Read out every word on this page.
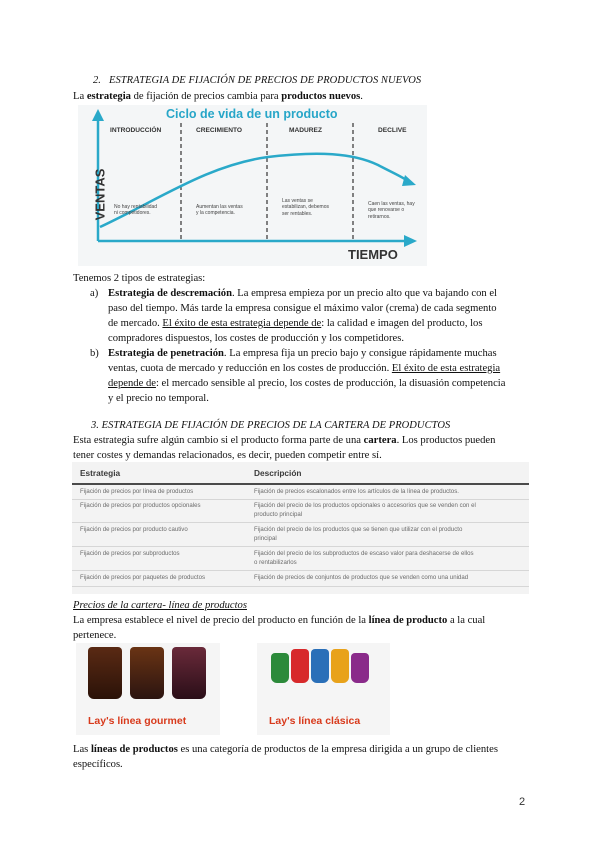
2.   ESTRATEGIA DE FIJACIÓN DE PRECIOS DE PRODUCTOS NUEVOS
La estrategia de fijación de precios cambia para productos nuevos.
Ciclo de vida de un producto
INTRODUCCIÓN	CRECIMIENTO	MADUREZ	DECLIVE
No hay rentabilidad ni competidores.
Aumentan las ventas y la competencia.
Las ventas se estabilizan, debemos ser rentables.
Caen las ventas, hay que renovarse o retirarnos.
VENTAS
TIEMPO
Tenemos 2 tipos de estrategias:
a) Estrategia de descremación. La empresa empieza por un precio alto que va bajando con el
paso del tiempo. Más tarde la empresa consigue el máximo valor (crema) de cada segmento
de mercado. El éxito de esta estrategia depende de: la calidad e imagen del producto, los
compradores dispuestos, los costes de producción y los competidores.
b) Estrategia de penetración. La empresa fija un precio bajo y consigue rápidamente muchas
ventas, cuota de mercado y reducción en los costes de producción. El éxito de esta estrategia
depende de: el mercado sensible al precio, los costes de producción, la disuasión competencia
y el precio no temporal.
3. ESTRATEGIA DE FIJACIÓN DE PRECIOS DE LA CARTERA DE PRODUCTOS
Esta estrategia sufre algún cambio si el producto forma parte de una cartera. Los productos pueden
tener costes y demandas relacionados, es decir, pueden competir entre sí.
Estrategia	Descripción
Fijación de precios por línea de productos	Fijación de precios escalonados entre los artículos de la línea de productos.
Fijación de precios por productos opcionales	Fijación del precio de los productos opcionales o accesorios que se venden con el
producto principal
Fijación de precios por producto cautivo	Fijación del precio de los productos que se tienen que utilizar con el producto
principal
Fijación de precios por subproductos	Fijación del precio de los subproductos de escaso valor para deshacerse de ellos
o rentabilizarlos
Fijación de precios por paquetes de productos	Fijación de precios de conjuntos de productos que se venden como una unidad
Precios de la cartera- línea de productos
La empresa establece el nivel de precio del producto en función de la línea de producto a la cual
pertenece.
Lay's línea gourmet	Lay's línea clásica
Las líneas de productos es una categoría de productos de la empresa dirigida a un grupo de clientes
específicos.
2
